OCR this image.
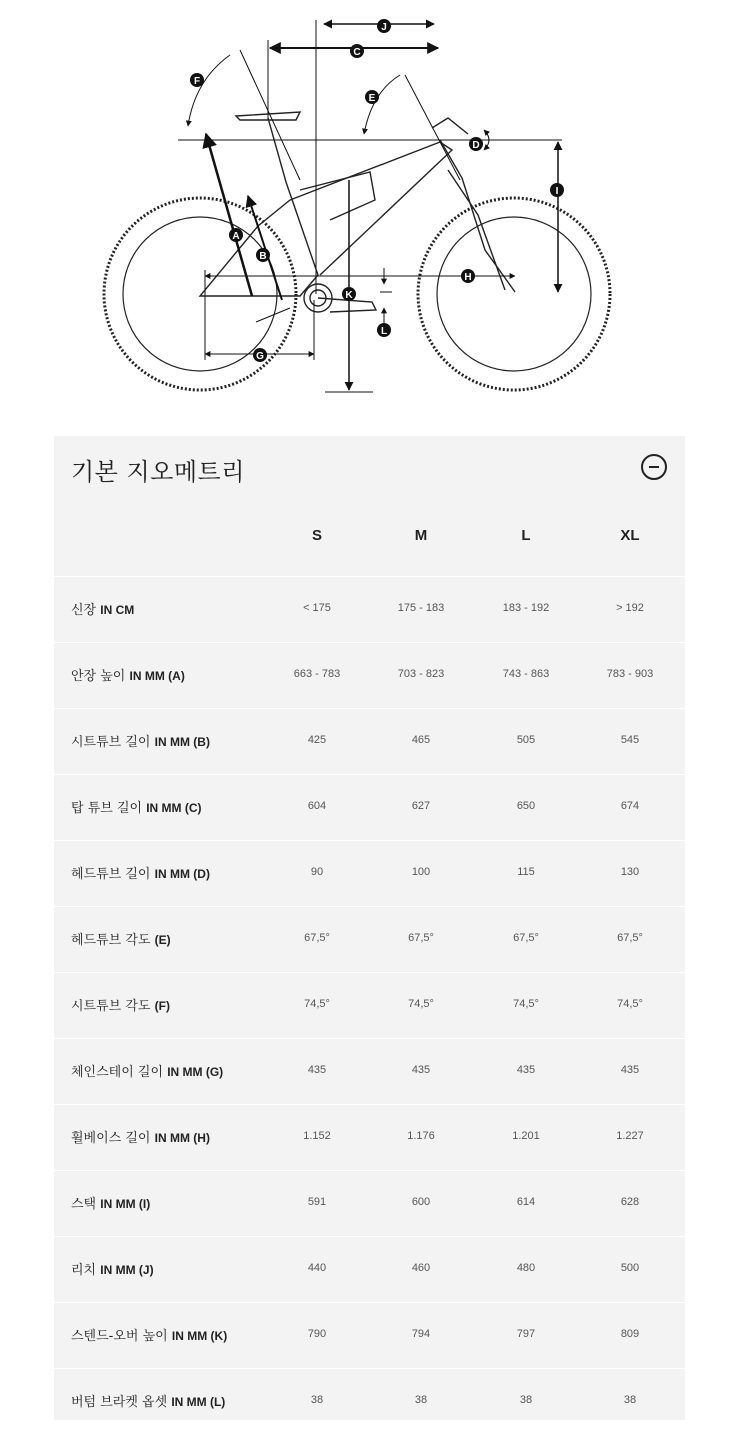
A
B
C
D
E
F
G
H
I
J
K
L
기본 지오메트리
S	M	L	XL
신장 IN CM	< 175	175 - 183	183 - 192	> 192
안장 높이 IN MM (A)	663 - 783	703 - 823	743 - 863	783 - 903
시트튜브 길이 IN MM (B)	425	465	505	545
탑 튜브 길이 IN MM (C)	604	627	650	674
헤드튜브 길이 IN MM (D)	90	100	115	130
헤드튜브 각도 (E)	67,5°	67,5°	67,5°	67,5°
시트튜브 각도 (F)	74,5°	74,5°	74,5°	74,5°
체인스테이 길이 IN MM (G)	435	435	435	435
휠베이스 길이 IN MM (H)	1.152	1.176	1.201	1.227
스택 IN MM (I)	591	600	614	628
리치 IN MM (J)	440	460	480	500
스텐드-오버 높이 IN MM (K)	790	794	797	809
버텀 브라켓 옵셋 IN MM (L)	38	38	38	38
